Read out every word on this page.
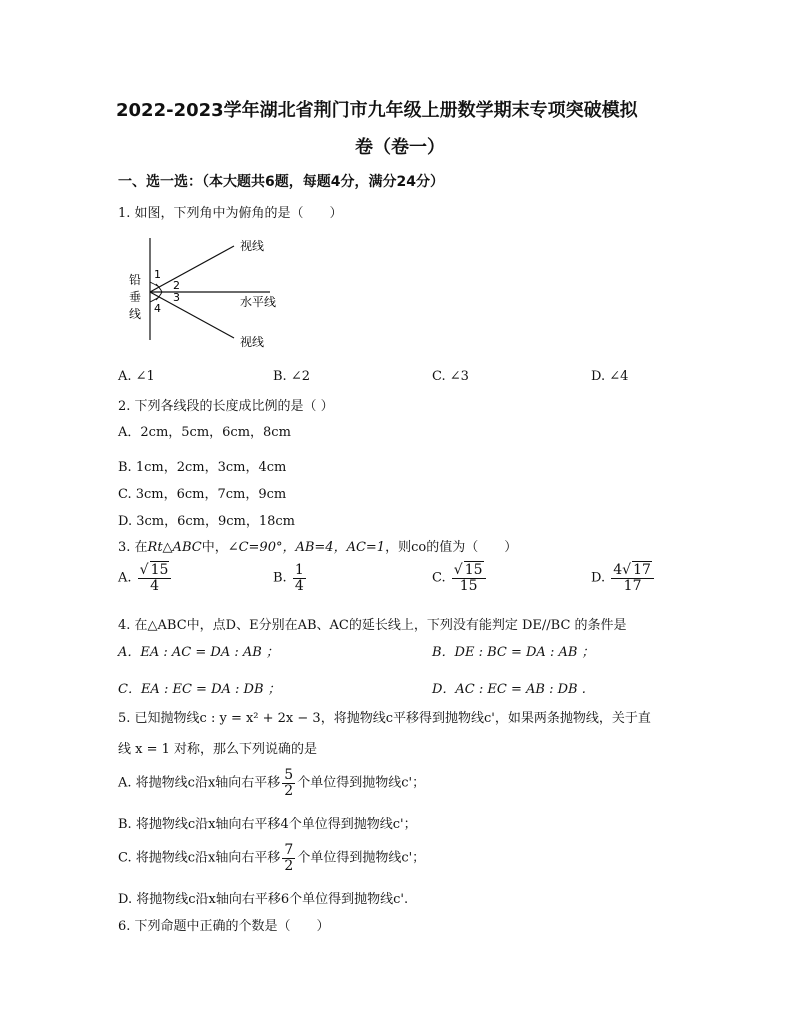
2022-2023学年湖北省荆门市九年级上册数学期末专项突破模拟
卷（卷一）
一、选一选：（本大题共6题，每题4分，满分24分）
1. 如图，下列角中为俯角的是（　　）
铅
垂
线
1
2
3
4
视线
水平线
视线
A. ∠1	B. ∠2	C. ∠3	D. ∠4
2. 下列各线段的长度成比例的是（ ）
A．2cm，5cm，6cm，8cm
B. 1cm，2cm，3cm，4cm
C. 3cm，6cm，7cm，9cm
D. 3cm，6cm，9cm，18cm
3. 在Rt△ABC中，∠C=90°，AB=4，AC=1，则co的值为（　　）
A. $\frac{√ 15}{4}$	B. $\frac{1}{4}$	C. $\frac{√ 15}{15}$	D. $\frac{4√ 17}{17}$
4. 在△ABC中，点D、E分别在AB、AC的延长线上，下列没有能判定 DE//BC 的条件是
A．EA : AC = DA : AB ；	B．DE : BC = DA : AB ；
C．EA : EC = DA : DB ；	D．AC : EC = AB : DB .
5. 已知抛物线c : y = x² + 2x − 3，将抛物线c平移得到抛物线c'，如果两条抛物线，关于直
线 x = 1 对称，那么下列说确的是
A. 将抛物线c沿x轴向右平移 $\frac{5}{2}$ 个单位得到抛物线c'；
B. 将抛物线c沿x轴向右平移4个单位得到抛物线c'；
C. 将抛物线c沿x轴向右平移 $\frac{7}{2}$ 个单位得到抛物线c'；
D. 将抛物线c沿x轴向右平移6个单位得到抛物线c'.
6. 下列命题中正确的个数是（　　）
